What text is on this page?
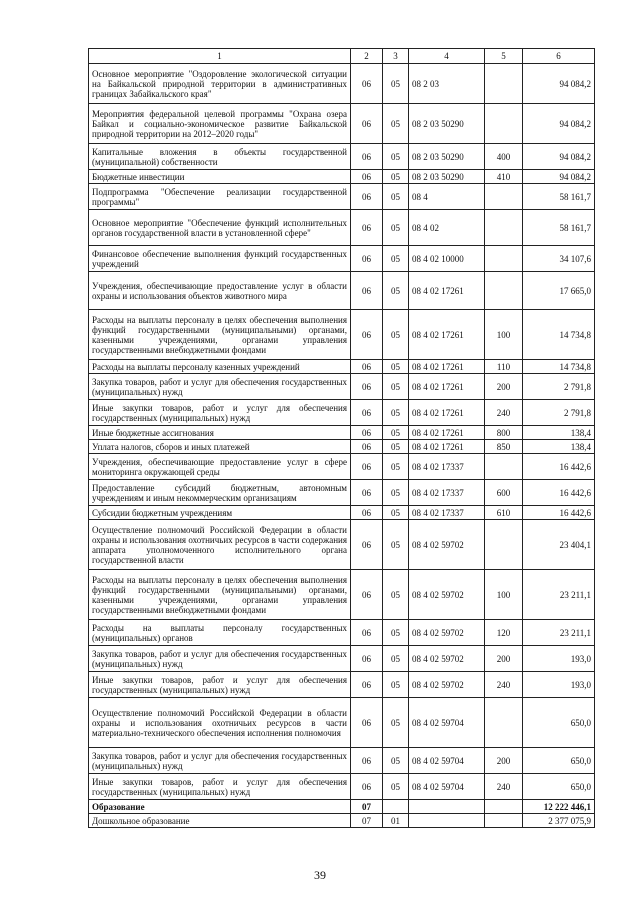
1	2	3	4	5	6
Основное мероприятие "Оздоровление экологической ситуации на Байкальской природной территории в административных границах Забайкальского края"	06	05	08 2 03		94 084,2
Мероприятия федеральной целевой программы "Охрана озера Байкал и социально-экономическое развитие Байкальской природной территории на 2012–2020 годы"	06	05	08 2 03 50290		94 084,2
Капитальные вложения в объекты государственной (муниципальной) собственности	06	05	08 2 03 50290	400	94 084,2
Бюджетные инвестиции	06	05	08 2 03 50290	410	94 084,2
Подпрограмма "Обеспечение реализации государственной программы"	06	05	08 4		58 161,7
Основное мероприятие "Обеспечение функций исполнительных органов государственной власти в установленной сфере"	06	05	08 4 02		58 161,7
Финансовое обеспечение выполнения функций государственных учреждений	06	05	08 4 02 10000		34 107,6
Учреждения, обеспечивающие предоставление услуг в области охраны и использования объектов животного мира	06	05	08 4 02 17261		17 665,0
Расходы на выплаты персоналу в целях обеспечения выполнения функций государственными (муниципальными) органами, казенными учреждениями, органами управления государственными внебюджетными фондами	06	05	08 4 02 17261	100	14 734,8
Расходы на выплаты персоналу казенных учреждений	06	05	08 4 02 17261	110	14 734,8
Закупка товаров, работ и услуг для обеспечения государственных (муниципальных) нужд	06	05	08 4 02 17261	200	2 791,8
Иные закупки товаров, работ и услуг для обеспечения государственных (муниципальных) нужд	06	05	08 4 02 17261	240	2 791,8
Иные бюджетные ассигнования	06	05	08 4 02 17261	800	138,4
Уплата налогов, сборов и иных платежей	06	05	08 4 02 17261	850	138,4
Учреждения, обеспечивающие предоставление услуг в сфере мониторинга окружающей среды	06	05	08 4 02 17337		16 442,6
Предоставление субсидий бюджетным, автономным учреждениям и иным некоммерческим организациям	06	05	08 4 02 17337	600	16 442,6
Субсидии бюджетным учреждениям	06	05	08 4 02 17337	610	16 442,6
Осуществление полномочий Российской Федерации в области охраны и использования охотничьих ресурсов в части содержания аппарата уполномоченного исполнительного органа государственной власти	06	05	08 4 02 59702		23 404,1
Расходы на выплаты персоналу в целях обеспечения выполнения функций государственными (муниципальными) органами, казенными учреждениями, органами управления государственными внебюджетными фондами	06	05	08 4 02 59702	100	23 211,1
Расходы на выплаты персоналу государственных (муниципальных) органов	06	05	08 4 02 59702	120	23 211,1
Закупка товаров, работ и услуг для обеспечения государственных (муниципальных) нужд	06	05	08 4 02 59702	200	193,0
Иные закупки товаров, работ и услуг для обеспечения государственных (муниципальных) нужд	06	05	08 4 02 59702	240	193,0
Осуществление полномочий Российской Федерации в области охраны и использования охотничьих ресурсов в части материально-технического обеспечения исполнения полномочия	06	05	08 4 02 59704		650,0
Закупка товаров, работ и услуг для обеспечения государственных (муниципальных) нужд	06	05	08 4 02 59704	200	650,0
Иные закупки товаров, работ и услуг для обеспечения государственных (муниципальных) нужд	06	05	08 4 02 59704	240	650,0
Образование	07				12 222 446,1
Дошкольное образование	07	01			2 377 075,9
39
